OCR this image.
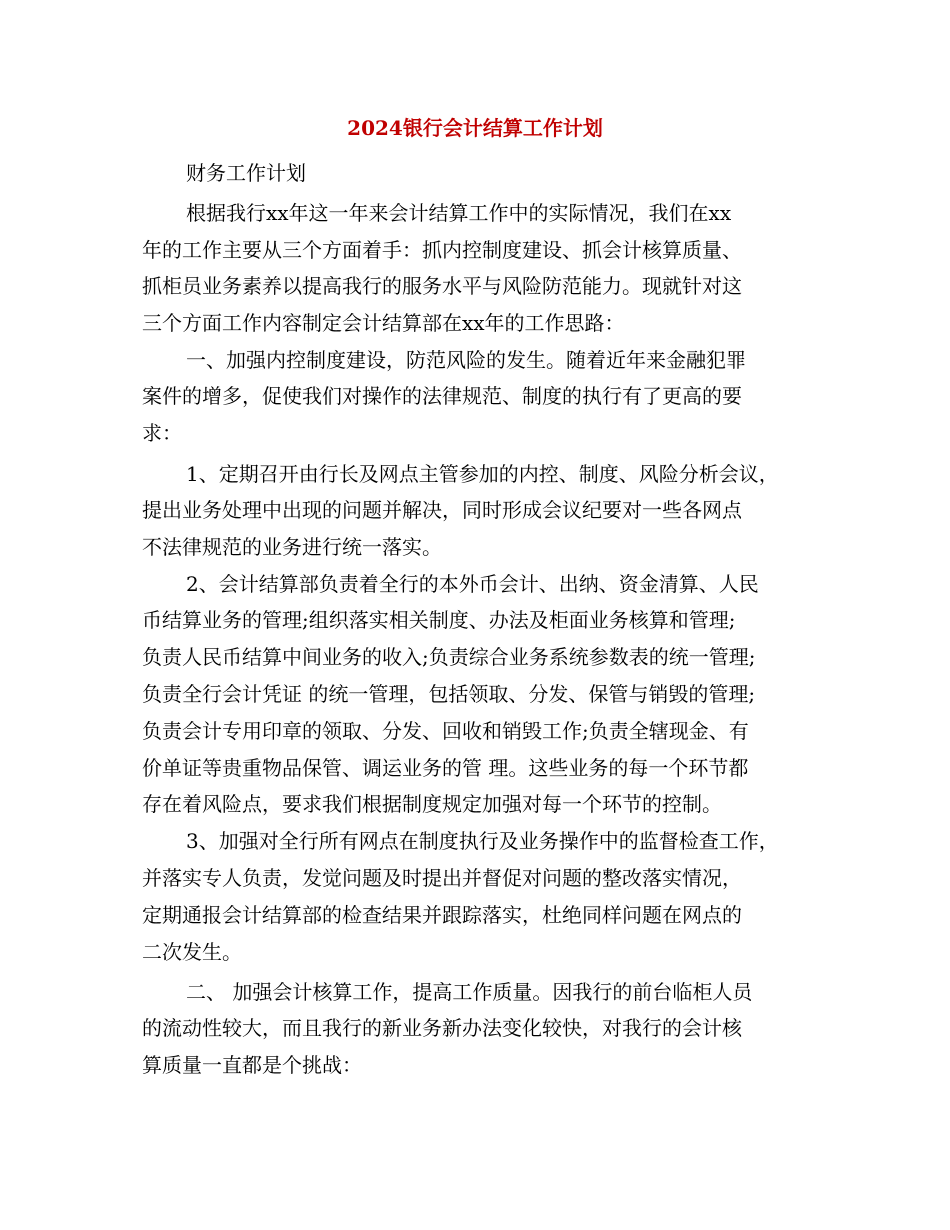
2024银行会计结算工作计划
财务工作计划
根据我行xx年这一年来会计结算工作中的实际情况，我们在xx
年的工作主要从三个方面着手：抓内控制度建设、抓会计核算质量、
抓柜员业务素养以提高我行的服务水平与风险防范能力。现就针对这
三个方面工作内容制定会计结算部在xx年的工作思路：
一、加强内控制度建设，防范风险的发生。随着近年来金融犯罪
案件的增多，促使我们对操作的法律规范、制度的执行有了更高的要
求：
1、定期召开由行长及网点主管参加的内控、制度、风险分析会议，
提出业务处理中出现的问题并解决，同时形成会议纪要对一些各网点
不法律规范的业务进行统一落实。
2、会计结算部负责着全行的本外币会计、出纳、资金清算、人民
币结算业务的管理;组织落实相关制度、办法及柜面业务核算和管理;
负责人民币结算中间业务的收入;负责综合业务系统参数表的统一管理;
负责全行会计凭证 的统一管理，包括领取、分发、保管与销毁的管理;
负责会计专用印章的领取、分发、回收和销毁工作;负责全辖现金、有
价单证等贵重物品保管、调运业务的管 理。这些业务的每一个环节都
存在着风险点，要求我们根据制度规定加强对每一个环节的控制。
3、加强对全行所有网点在制度执行及业务操作中的监督检查工作，
并落实专人负责，发觉问题及时提出并督促对问题的整改落实情况，
定期通报会计结算部的检查结果并跟踪落实，杜绝同样问题在网点的
二次发生。
二、 加强会计核算工作，提高工作质量。因我行的前台临柜人员
的流动性较大，而且我行的新业务新办法变化较快，对我行的会计核
算质量一直都是个挑战：
